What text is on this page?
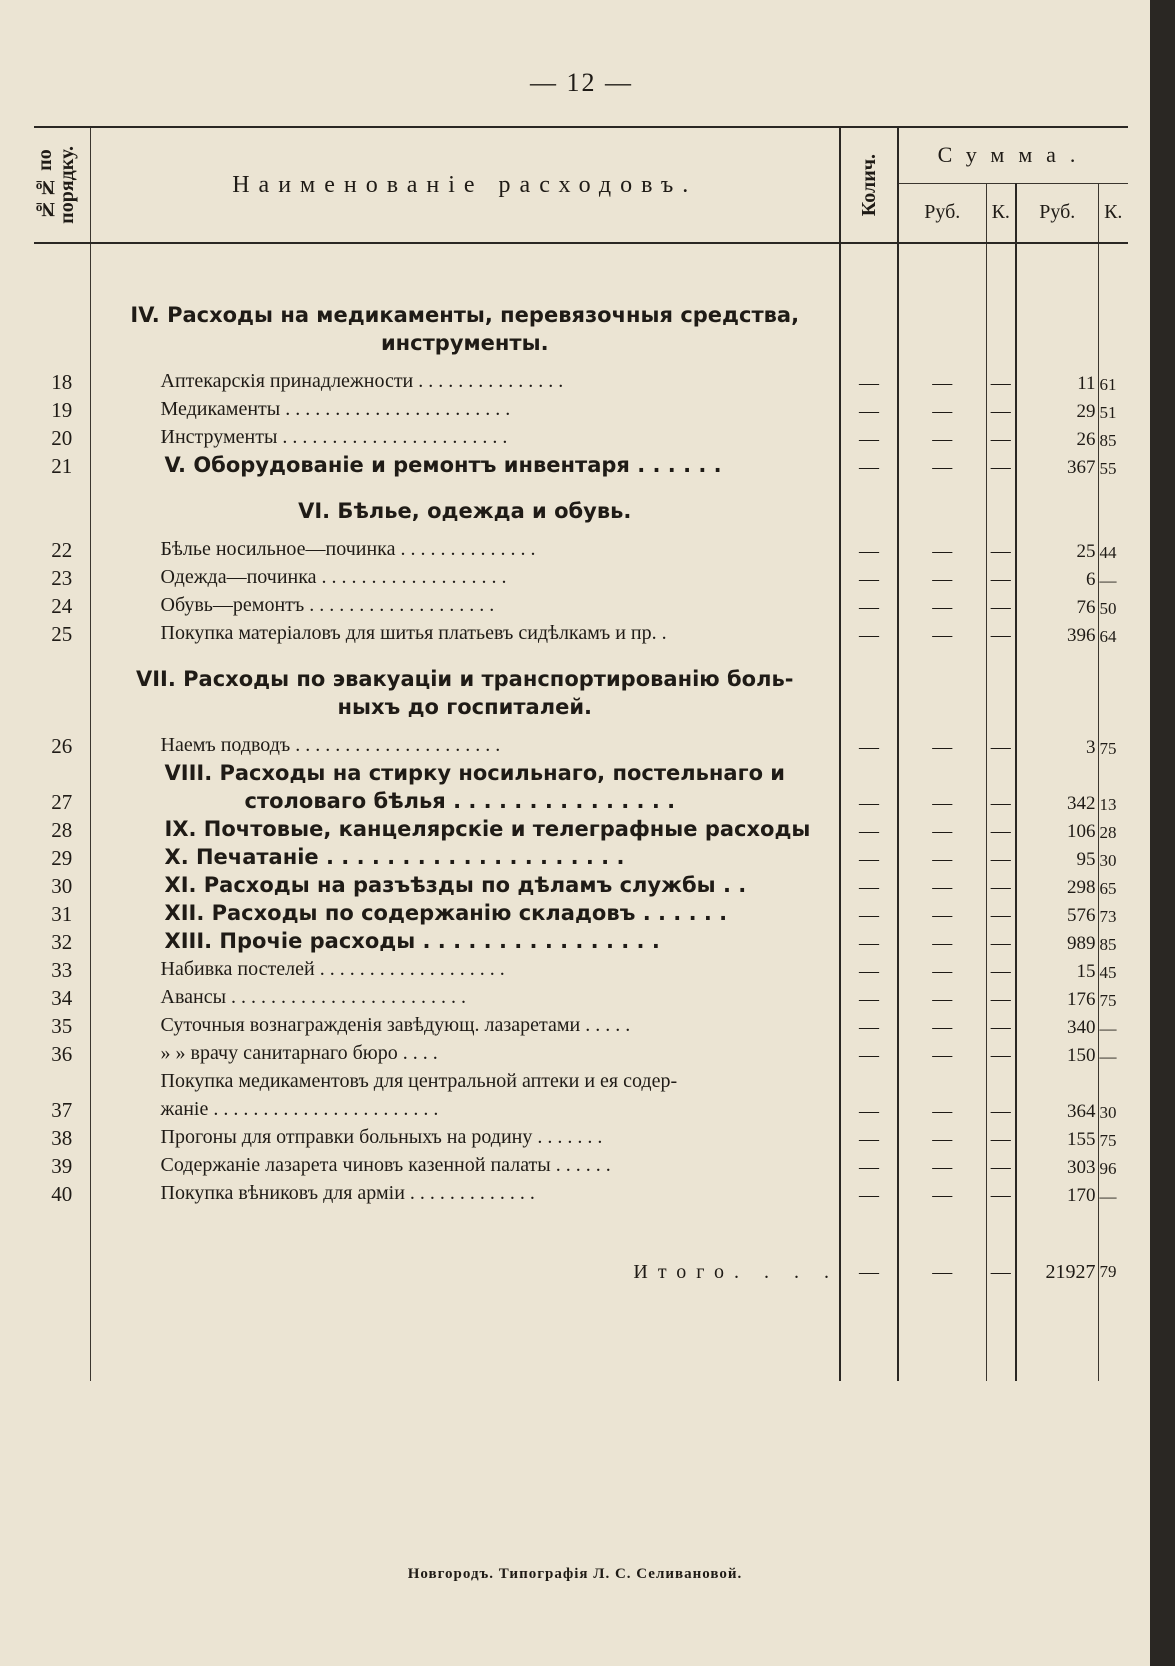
— 12 —
№№ по
порядку.	Наименованіе расходовъ.	Колич.	Сумма.			

			Руб.	К.	Руб.	К.

	IV. Расходы на медикаменты, перевязочныя средства,
инструменты.					

18	Аптекарскія принадлежности . . . . . . . . . . . . . . .	—	—	—	11	61
19	Медикаменты . . . . . . . . . . . . . . . . . . . . . . .	—	—	—	29	51
20	Инструменты . . . . . . . . . . . . . . . . . . . . . . .	—	—	—	26	85
21	V. Оборудованіе и ремонтъ инвентаря . . . . . .	—	—	—	367	55

	VI. Бѣлье, одежда и обувь.					

22	Бѣлье носильное—починка . . . . . . . . . . . . . .	—	—	—	25	44
23	Одежда—починка . . . . . . . . . . . . . . . . . . .	—	—	—	6	—
24	Обувь—ремонтъ . . . . . . . . . . . . . . . . . . .	—	—	—	76	50
25	Покупка матеріаловъ для шитья платьевъ сидѣлкамъ и пр. .	—	—	—	396	64

	VII. Расходы по эвакуаціи и транспортированію боль-
ныхъ до госпиталей.					

26	Наемъ подводъ . . . . . . . . . . . . . . . . . . . . .	—	—	—	3	75
27	VIII. Расходы на стирку носильнаго, постельнаго и
столоваго бѣлья . . . . . . . . . . . . . . .	—	—	—	342	13
28	IX. Почтовые, канцелярскіе и телеграфные расходы	—	—	—	106	28
29	X. Печатаніе . . . . . . . . . . . . . . . . . . . .	—	—	—	95	30
30	XI. Расходы на разъѣзды по дѣламъ службы . .	—	—	—	298	65
31	XII. Расходы по содержанію складовъ . . . . . .	—	—	—	576	73
32	XIII. Прочіе расходы . . . . . . . . . . . . . . . .	—	—	—	989	85
33	Набивка постелей . . . . . . . . . . . . . . . . . . .	—	—	—	15	45
34	Авансы . . . . . . . . . . . . . . . . . . . . . . . .	—	—	—	176	75
35	Суточныя вознагражденія завѣдующ. лазаретами . . . . .	—	—	—	340	—
36	» » врачу санитарнаго бюро . . . .	—	—	—	150	—
37	Покупка медикаментовъ для центральной аптеки и ея содер-
жаніе . . . . . . . . . . . . . . . . . . . . . . .	—	—	—	364	30
38	Прогоны для отправки больныхъ на родину . . . . . . .	—	—	—	155	75
39	Содержаніе лазарета чиновъ казенной палаты . . . . . .	—	—	—	303	96
40	Покупка вѣниковъ для арміи . . . . . . . . . . . . .	—	—	—	170	—

	Итого. . . .	—	—	—	21927	79

Новгородъ. Типографія Л. С. Селивановой.
